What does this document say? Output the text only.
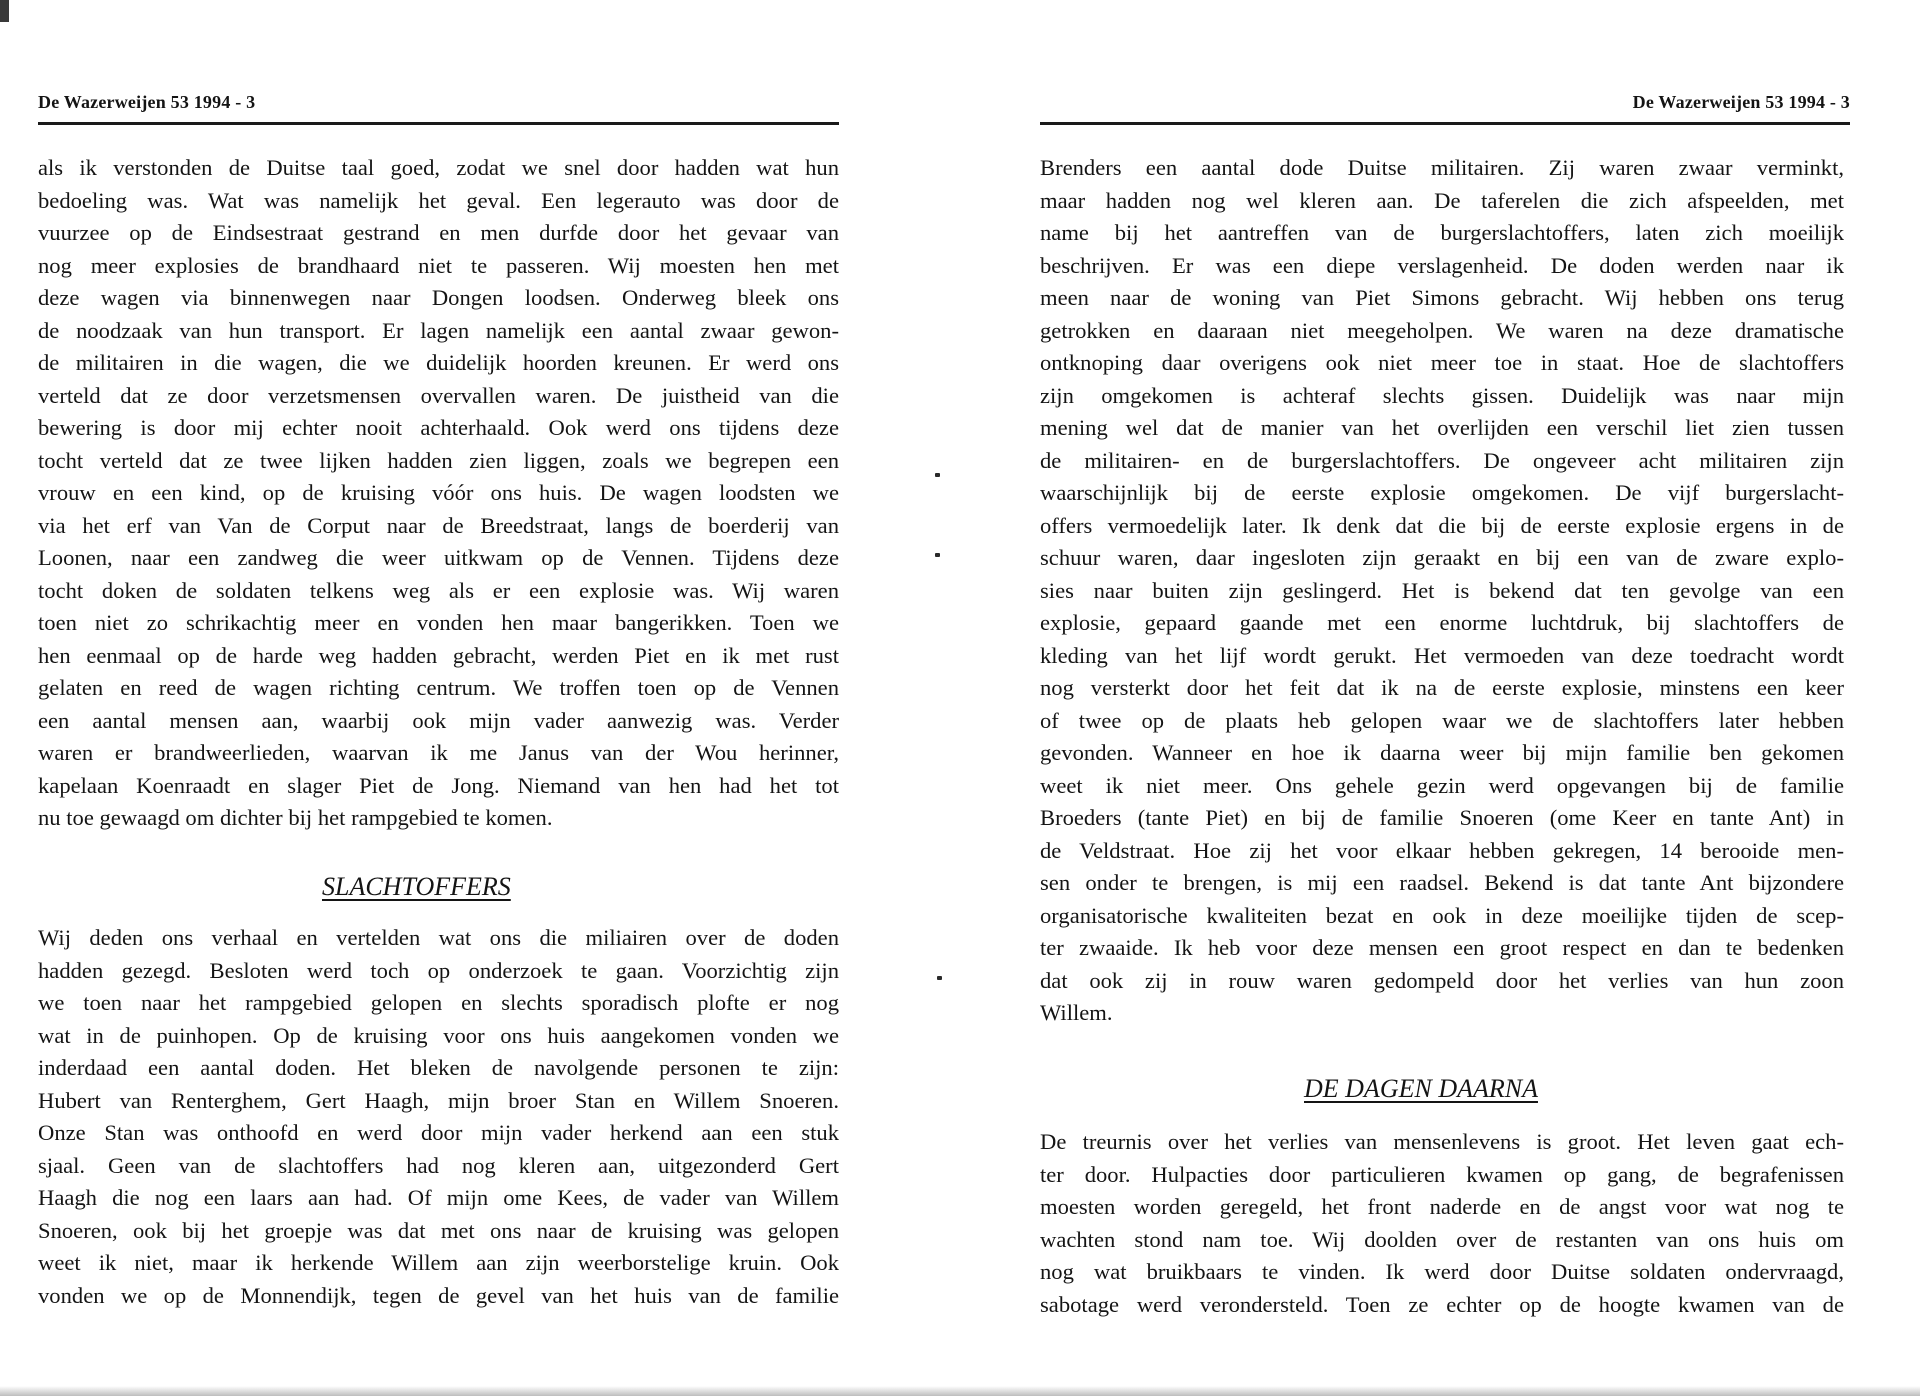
De Wazerweijen 53 1994 - 3
als ik verstonden de Duitse taal goed, zodat we snel door hadden wat hun
bedoeling was. Wat was namelijk het geval. Een legerauto was door de
vuurzee op de Eindsestraat gestrand en men durfde door het gevaar van
nog meer explosies de brandhaard niet te passeren. Wij moesten hen met
deze wagen via binnenwegen naar Dongen loodsen. Onderweg bleek ons
de noodzaak van hun transport. Er lagen namelijk een aantal zwaar gewon-
de militairen in die wagen, die we duidelijk hoorden kreunen. Er werd ons
verteld dat ze door verzetsmensen overvallen waren. De juistheid van die
bewering is door mij echter nooit achterhaald. Ook werd ons tijdens deze
tocht verteld dat ze twee lijken hadden zien liggen, zoals we begrepen een
vrouw en een kind, op de kruising vóór ons huis. De wagen loodsten we
via het erf van Van de Corput naar de Breedstraat, langs de boerderij van
Loonen, naar een zandweg die weer uitkwam op de Vennen. Tijdens deze
tocht doken de soldaten telkens weg als er een explosie was. Wij waren
toen niet zo schrikachtig meer en vonden hen maar bangerikken. Toen we
hen eenmaal op de harde weg hadden gebracht, werden Piet en ik met rust
gelaten en reed de wagen richting centrum. We troffen toen op de Vennen
een aantal mensen aan, waarbij ook mijn vader aanwezig was. Verder
waren er brandweerlieden, waarvan ik me Janus van der Wou herinner,
kapelaan Koenraadt en slager Piet de Jong. Niemand van hen had het tot
nu toe gewaagd om dichter bij het rampgebied te komen.
SLACHTOFFERS
Wij deden ons verhaal en vertelden wat ons die miliairen over de doden
hadden gezegd. Besloten werd toch op onderzoek te gaan. Voorzichtig zijn
we toen naar het rampgebied gelopen en slechts sporadisch plofte er nog
wat in de puinhopen. Op de kruising voor ons huis aangekomen vonden we
inderdaad een aantal doden. Het bleken de navolgende personen te zijn:
Hubert van Renterghem, Gert Haagh, mijn broer Stan en Willem Snoeren.
Onze Stan was onthoofd en werd door mijn vader herkend aan een stuk
sjaal. Geen van de slachtoffers had nog kleren aan, uitgezonderd Gert
Haagh die nog een laars aan had. Of mijn ome Kees, de vader van Willem
Snoeren, ook bij het groepje was dat met ons naar de kruising was gelopen
weet ik niet, maar ik herkende Willem aan zijn weerborstelige kruin. Ook
vonden we op de Monnendijk, tegen de gevel van het huis van de familie
De Wazerweijen 53 1994 - 3
Brenders een aantal dode Duitse militairen. Zij waren zwaar verminkt,
maar hadden nog wel kleren aan. De taferelen die zich afspeelden, met
name bij het aantreffen van de burgerslachtoffers, laten zich moeilijk
beschrijven. Er was een diepe verslagenheid. De doden werden naar ik
meen naar de woning van Piet Simons gebracht. Wij hebben ons terug
getrokken en daaraan niet meegeholpen. We waren na deze dramatische
ontknoping daar overigens ook niet meer toe in staat. Hoe de slachtoffers
zijn omgekomen is achteraf slechts gissen. Duidelijk was naar mijn
mening wel dat de manier van het overlijden een verschil liet zien tussen
de militairen- en de burgerslachtoffers. De ongeveer acht militairen zijn
waarschijnlijk bij de eerste explosie omgekomen. De vijf burgerslacht-
offers vermoedelijk later. Ik denk dat die bij de eerste explosie ergens in de
schuur waren, daar ingesloten zijn geraakt en bij een van de zware explo-
sies naar buiten zijn geslingerd. Het is bekend dat ten gevolge van een
explosie, gepaard gaande met een enorme luchtdruk, bij slachtoffers de
kleding van het lijf wordt gerukt. Het vermoeden van deze toedracht wordt
nog versterkt door het feit dat ik na de eerste explosie, minstens een keer
of twee op de plaats heb gelopen waar we de slachtoffers later hebben
gevonden. Wanneer en hoe ik daarna weer bij mijn familie ben gekomen
weet ik niet meer. Ons gehele gezin werd opgevangen bij de familie
Broeders (tante Piet) en bij de familie Snoeren (ome Keer en tante Ant) in
de Veldstraat. Hoe zij het voor elkaar hebben gekregen, 14 berooide men-
sen onder te brengen, is mij een raadsel. Bekend is dat tante Ant bijzondere
organisatorische kwaliteiten bezat en ook in deze moeilijke tijden de scep-
ter zwaaide. Ik heb voor deze mensen een groot respect en dan te bedenken
dat ook zij in rouw waren gedompeld door het verlies van hun zoon
Willem.
DE DAGEN DAARNA
De treurnis over het verlies van mensenlevens is groot. Het leven gaat ech-
ter door. Hulpacties door particulieren kwamen op gang, de begrafenissen
moesten worden geregeld, het front naderde en de angst voor wat nog te
wachten stond nam toe. Wij doolden over de restanten van ons huis om
nog wat bruikbaars te vinden. Ik werd door Duitse soldaten ondervraagd,
sabotage werd verondersteld. Toen ze echter op de hoogte kwamen van de
